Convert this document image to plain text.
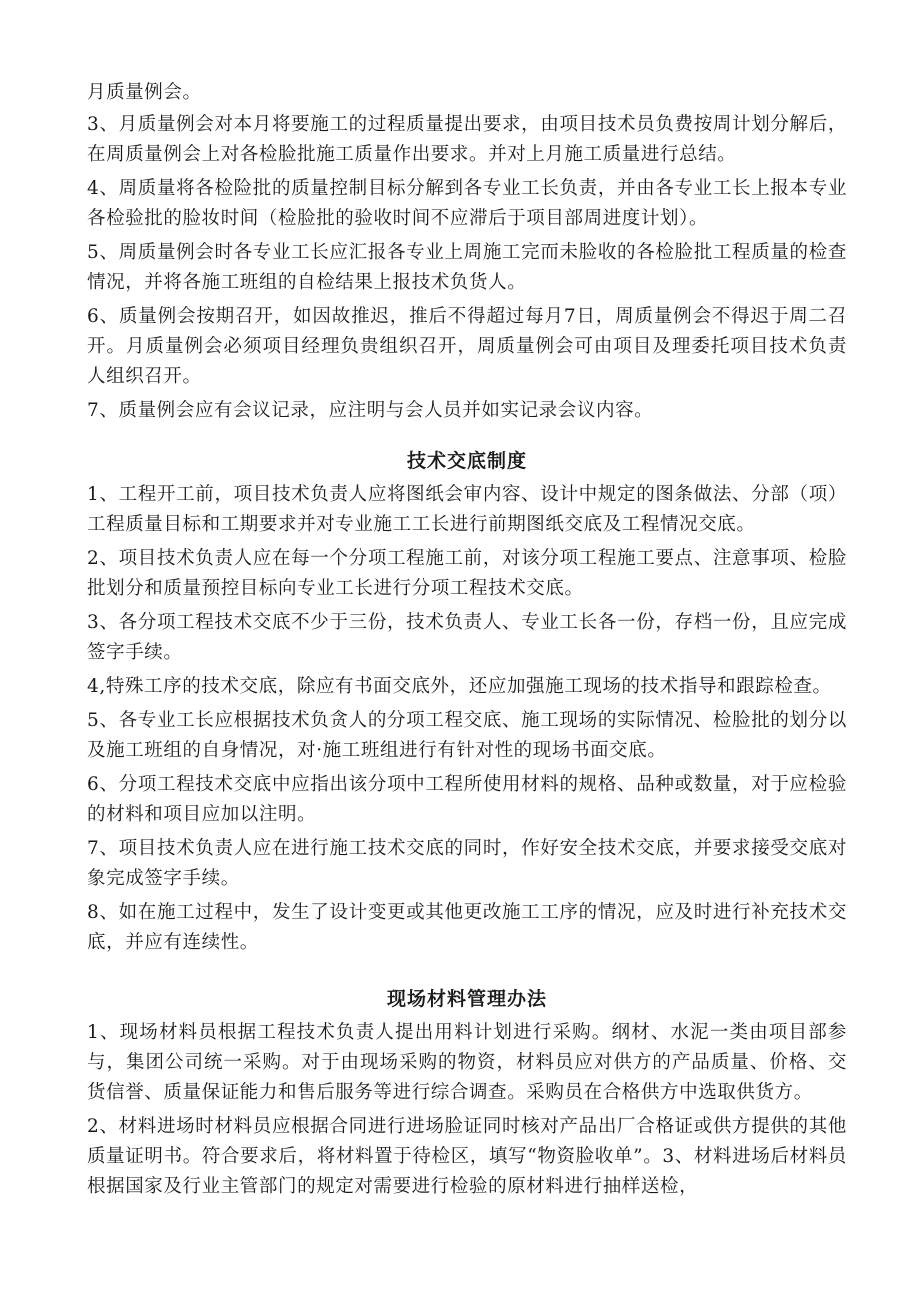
月质量例会。

3、月质量例会对本月将要施工的过程质量提出要求，由项目技术员负费按周计划分解后，在周质量例会上对各检脸批施工质量作出要求。并对上月施工质量进行总结。

4、周质量将各检险批的质量控制目标分解到各专业工长负责，并由各专业工长上报本专业各检验批的脸妆时间（检脸批的验收时间不应滞后于项目部周进度计划）。

5、周质量例会时各专业工长应汇报各专业上周施工完而未脸收的各检脸批工程质量的检查情况，并将各施工班组的自检结果上报技术负货人。

6、质量例会按期召开，如因故推迟，推后不得超过每月7日，周质量例会不得迟于周二召开。月质量例会必须项目经理负贵组织召开，周质量例会可由项目及理委托项目技术负责人组织召开。

7、质量例会应有会议记录，应注明与会人员并如实记录会议内容。

技术交底制度

1、工程开工前，项目技术负责人应将图纸会审内容、设计中规定的图条做法、分部（项）工程质量目标和工期要求并对专业施工工长进行前期图纸交底及工程情况交底。

2、项目技术负责人应在每一个分项工程施工前，对该分项工程施工要点、注意事项、检脸批划分和质量预控目标向专业工长进行分项工程技术交底。

3、各分项工程技术交底不少于三份，技术负责人、专业工长各一份，存档一份，且应完成签字手续。

4,特殊工序的技术交底，除应有书面交底外，还应加强施工现场的技术指导和跟踪检查。

5、各专业工长应根据技术负贪人的分项工程交底、施工现场的实际情况、检脸批的划分以及施工班组的自身情况，对·施工班组进行有针对性的现场书面交底。

6、分项工程技术交底中应指出该分项中工程所使用材料的规格、品种或数量，对于应检验的材料和项目应加以注明。

7、项目技术负责人应在进行施工技术交底的同时，作好安全技术交底，并要求接受交底对象完成签字手续。

8、如在施工过程中，发生了设计变更或其他更改施工工序的情况，应及时进行补充技术交底，并应有连续性。

现场材料管理办法

1、现场材料员根据工程技术负责人提出用料计划进行采购。纲材、水泥一类由项目部参与，集团公司统一采购。对于由现场采购的物资，材料员应对供方的产品质量、价格、交货信誉、质量保证能力和售后服务等进行综合调查。采购员在合格供方中选取供货方。

2、材料进场时材料员应根据合同进行进场脸证同时核对产品出厂合格证或供方提供的其他质量证明书。符合要求后，将材料置于待检区，填写“物资脸收单”。3、材料进场后材料员根据国家及行业主管部门的规定对需要进行检验的原材料进行抽样送检，
